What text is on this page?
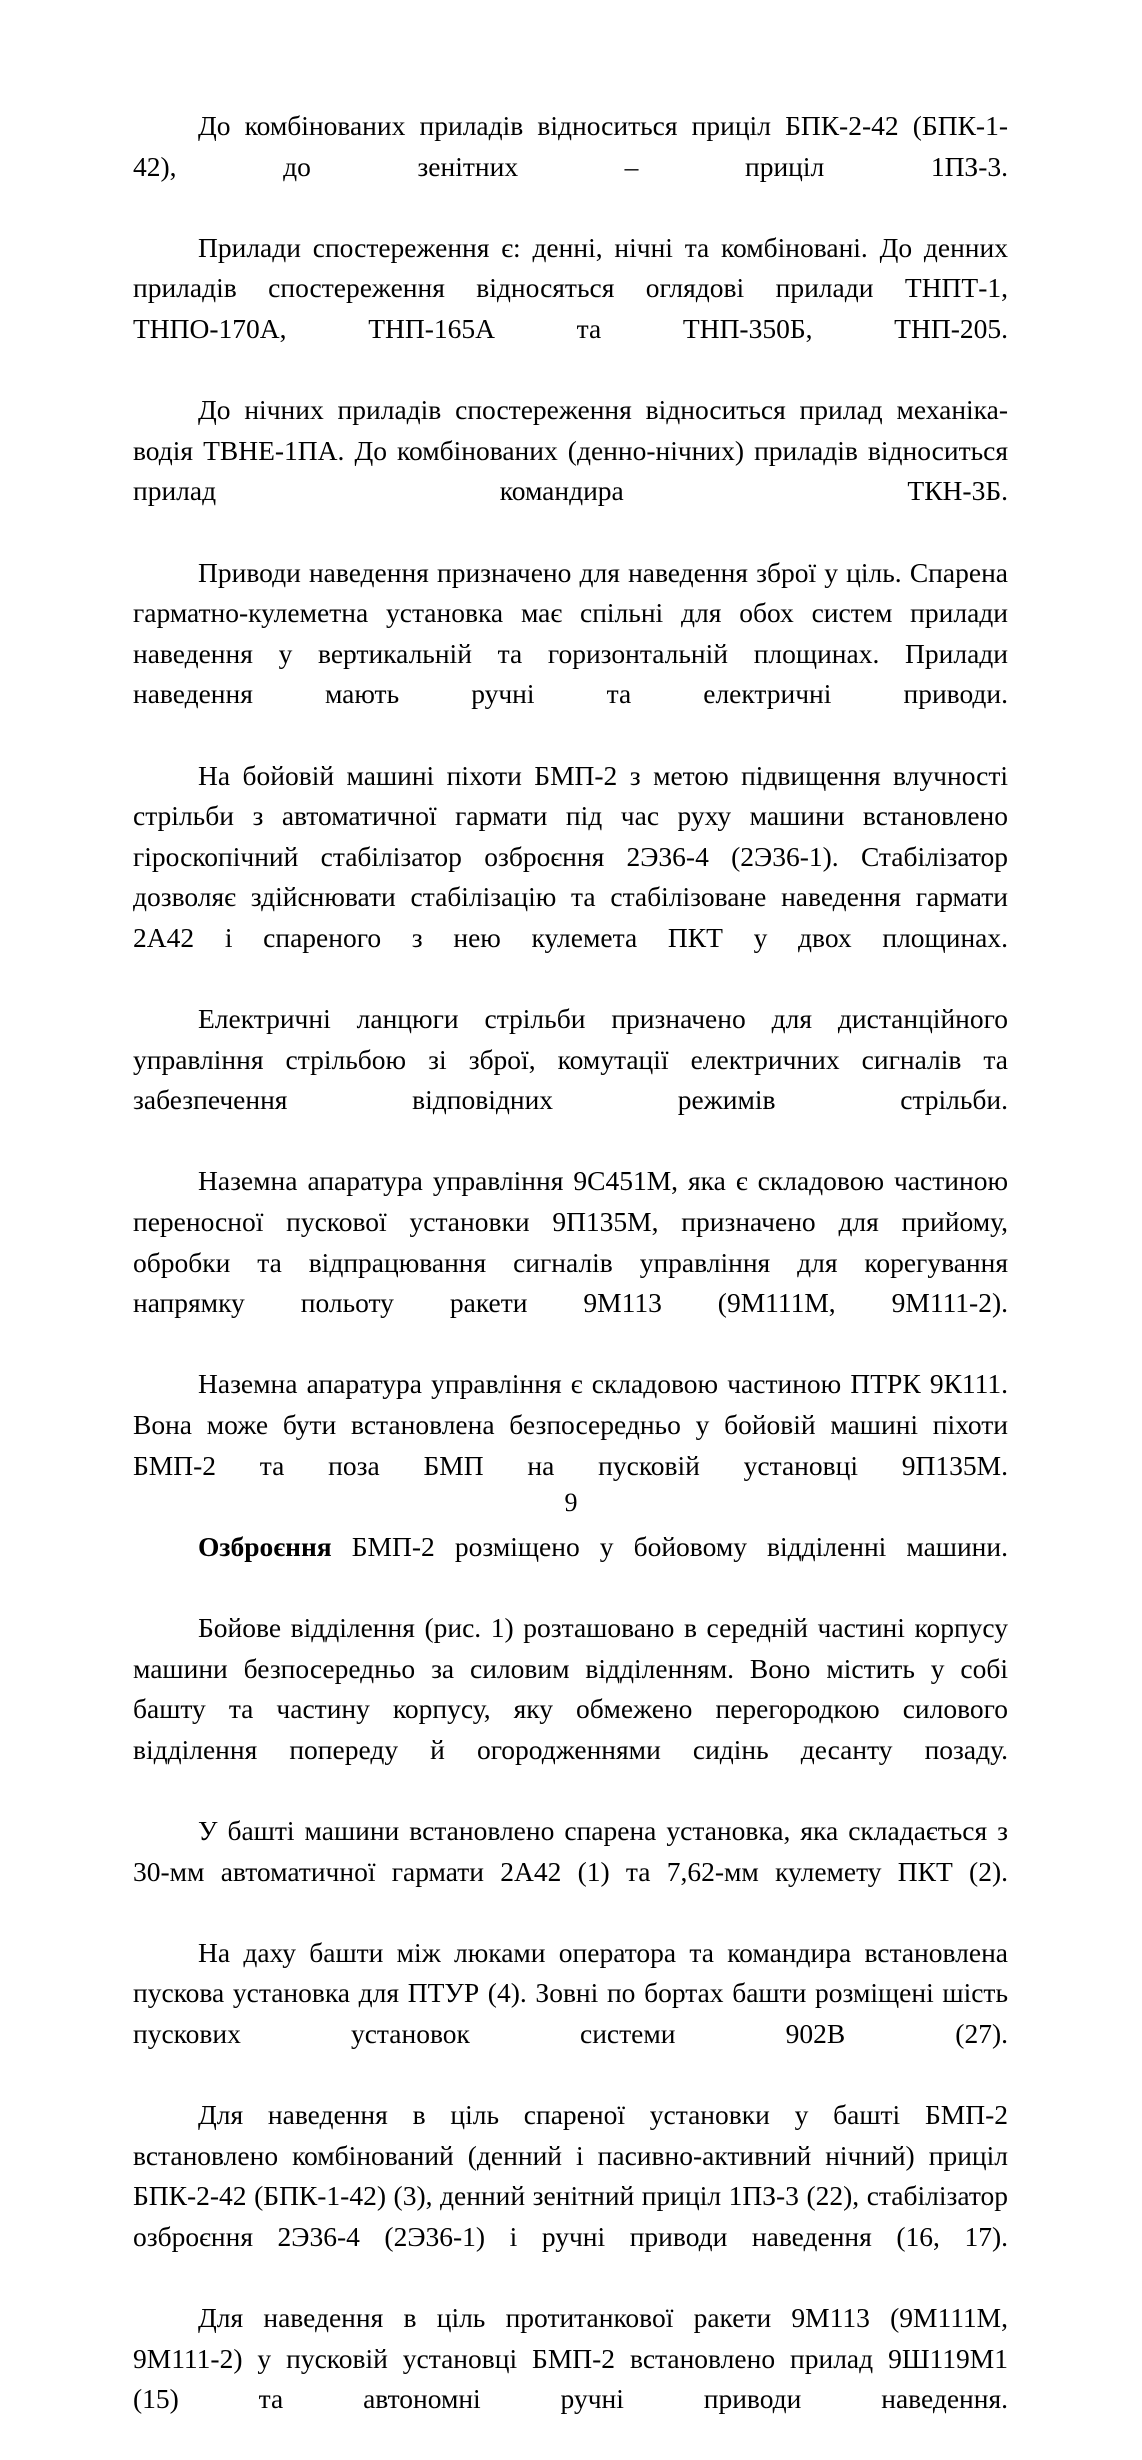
До комбінованих приладів відноситься приціл БПК-2-42 (БПК-1-42), до зенітних – приціл 1ПЗ-3.

Прилади спостереження є: денні, нічні та комбіновані. До денних приладів спостереження відносяться оглядові прилади ТНПТ-1, ТНПО-170А, ТНП-165А та ТНП-350Б, ТНП-205.

До нічних приладів спостереження відноситься прилад механіка-водія ТВНЕ-1ПА. До комбінованих (денно-нічних) приладів відноситься прилад командира ТКН-3Б.

Приводи наведення призначено для наведення зброї у ціль. Спарена гарматно-кулеметна установка має спільні для обох систем прилади наведення у вертикальній та горизонтальній площинах. Прилади наведення мають ручні та електричні приводи.

На бойовій машині піхоти БМП-2 з метою підвищення влучності стрільби з автоматичної гармати під час руху машини встановлено гіроскопічний стабілізатор озброєння 2Э36-4 (2Э36-1). Стабілізатор дозволяє здійснювати стабілізацію та стабілізоване наведення гармати 2А42 і спареного з нею кулемета ПКТ у двох площинах.

Електричні ланцюги стрільби призначено для дистанційного управління стрільбою зі зброї, комутації електричних сигналів та забезпечення відповідних режимів стрільби.

Наземна апаратура управління 9С451М, яка є складовою частиною переносної пускової установки 9П135М, призначено для прийому, обробки та відпрацювання сигналів управління для корегування напрямку польоту ракети 9М113 (9М111М, 9М111-2).

Наземна апаратура управління є складовою частиною ПТРК 9К111. Вона може бути встановлена безпосередньо у бойовій машині піхоти БМП-2 та поза БМП на пусковій установці 9П135М.

Озброєння БМП-2 розміщено у бойовому відділенні машини.

Бойове відділення (рис. 1) розташовано в середній частині корпусу машини безпосередньо за силовим відділенням. Воно містить у собі башту та частину корпусу, яку обмежено перегородкою силового відділення попереду й огородженнями сидінь десанту позаду.

У башті машини встановлено спарена установка, яка складається з 30-мм автоматичної гармати 2А42 (1) та 7,62-мм кулемету ПКТ (2).

На даху башти між люками оператора та командира встановлена пускова установка для ПТУР (4). Зовні по бортах башти розміщені шість пускових установок системи 902В (27).

Для наведення в ціль спареної установки у башті БМП-2 встановлено комбінований (денний і пасивно-активний нічний) приціл БПК-2-42 (БПК-1-42) (3), денний зенітний приціл 1ПЗ-3 (22), стабілізатор озброєння 2Э36-4 (2Э36-1) і ручні приводи наведення (16, 17).

Для наведення в ціль протитанкової ракети 9М113 (9М111М, 9М111-2) у пусковій установці БМП-2 встановлено прилад 9Ш119М1 (15) та автономні ручні приводи наведення.

9
